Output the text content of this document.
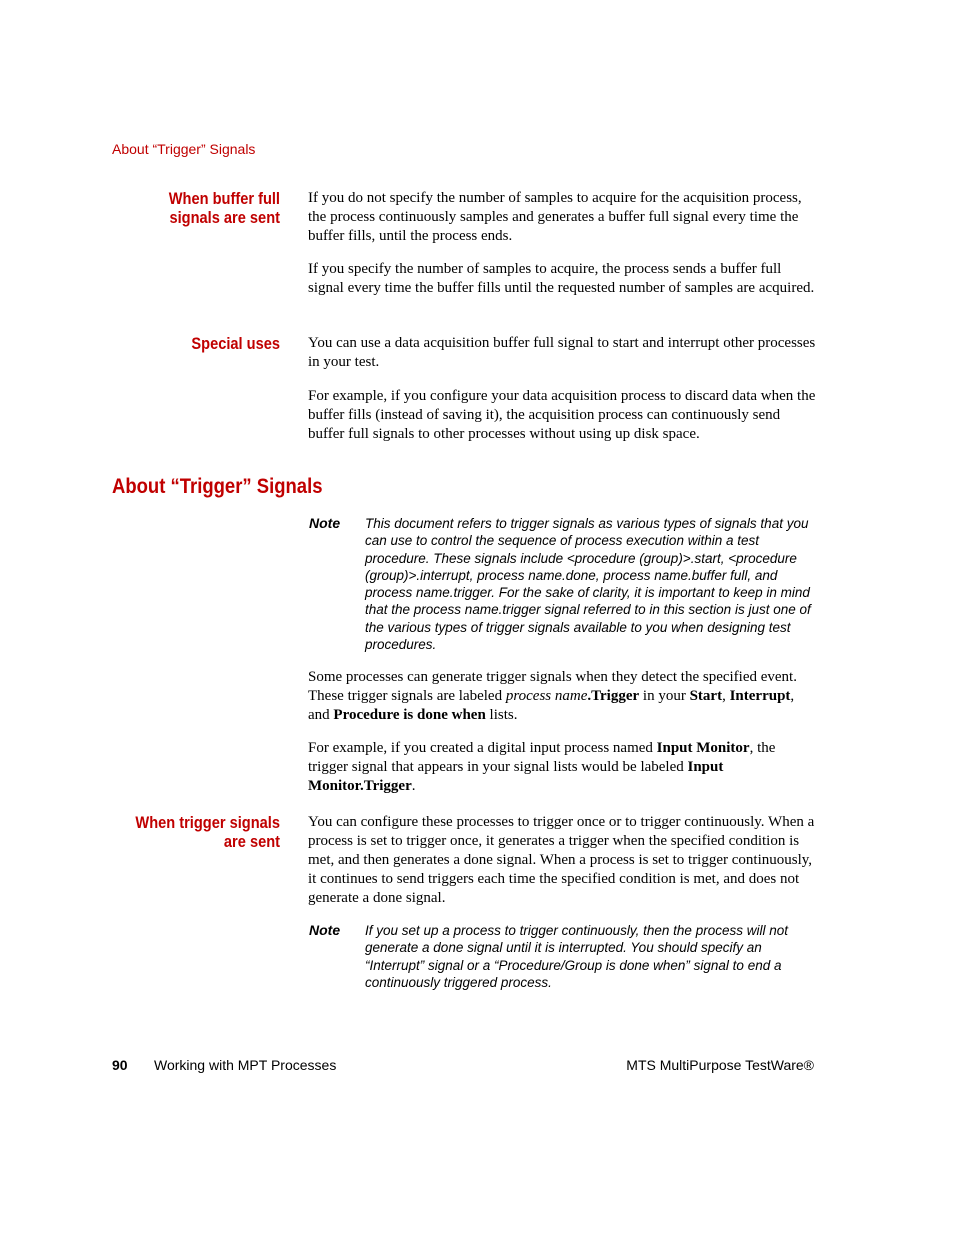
About “Trigger” Signals
When buffer full
signals are sent

If you do not specify the number of samples to acquire for the acquisition process, the process continuously samples and generates a buffer full signal every time the buffer fills, until the process ends.

If you specify the number of samples to acquire, the process sends a buffer full signal every time the buffer fills until the requested number of samples are acquired.

Special uses You can use a data acquisition buffer full signal to start and interrupt other processes in your test.

For example, if you configure your data acquisition process to discard data when the buffer fills (instead of saving it), the acquisition process can continuously send buffer full signals to other processes without using up disk space.

About “Trigger” Signals
Note This document refers to trigger signals as various types of signals that you can use to control the sequence of process execution within a test procedure. These signals include <procedure (group)>.start, <procedure (group)>.interrupt, process name.done, process name.buffer full, and process name.trigger. For the sake of clarity, it is important to keep in mind that the process name.trigger signal referred to in this section is just one of the various types of trigger signals available to you when designing test procedures.

Some processes can generate trigger signals when they detect the specified event. These trigger signals are labeled process name.Trigger in your Start, Interrupt, and Procedure is done when lists.

For example, if you created a digital input process named Input Monitor, the trigger signal that appears in your signal lists would be labeled Input Monitor.Trigger.

When trigger signals
are sent

You can configure these processes to trigger once or to trigger continuously. When a process is set to trigger once, it generates a trigger when the specified condition is met, and then generates a done signal. When a process is set to trigger continuously, it continues to send triggers each time the specified condition is met, and does not generate a done signal.

Note If you set up a process to trigger continuously, then the process will not generate a done signal until it is interrupted. You should specify an “Interrupt” signal or a “Procedure/Group is done when” signal to end a continuously triggered process.

90 Working with MPT Processes	MTS MultiPurpose TestWare®
